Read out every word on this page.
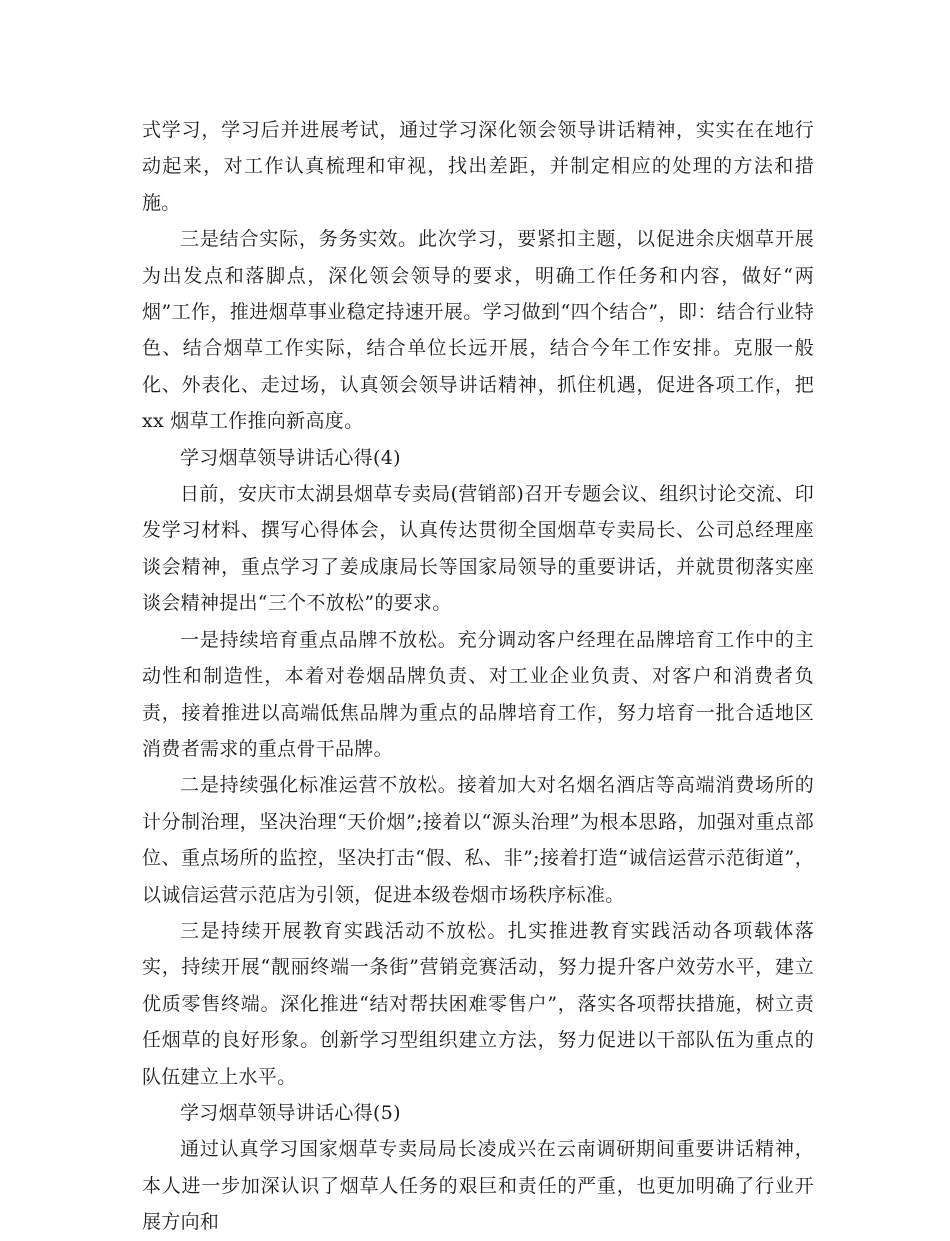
式学习，学习后并进展考试，通过学习深化领会领导讲话精神，实实在在地行动起来，对工作认真梳理和审视，找出差距，并制定相应的处理的方法和措施。

三是结合实际，务务实效。此次学习，要紧扣主题，以促进余庆烟草开展为出发点和落脚点，深化领会领导的要求，明确工作任务和内容，做好“两烟”工作，推进烟草事业稳定持速开展。学习做到“四个结合”，即：结合行业特色、结合烟草工作实际，结合单位长远开展，结合今年工作安排。克服一般化、外表化、走过场，认真领会领导讲话精神，抓住机遇，促进各项工作，把 xx 烟草工作推向新高度。

学习烟草领导讲话心得(4)

日前，安庆市太湖县烟草专卖局(营销部)召开专题会议、组织讨论交流、印发学习材料、撰写心得体会，认真传达贯彻全国烟草专卖局长、公司总经理座谈会精神，重点学习了姜成康局长等国家局领导的重要讲话，并就贯彻落实座谈会精神提出“三个不放松”的要求。

一是持续培育重点品牌不放松。充分调动客户经理在品牌培育工作中的主动性和制造性，本着对卷烟品牌负责、对工业企业负责、对客户和消费者负责，接着推进以高端低焦品牌为重点的品牌培育工作，努力培育一批合适地区消费者需求的重点骨干品牌。

二是持续强化标准运营不放松。接着加大对名烟名酒店等高端消费场所的计分制治理，坚决治理“天价烟”;接着以“源头治理”为根本思路，加强对重点部位、重点场所的监控，坚决打击“假、私、非”;接着打造“诚信运营示范街道”，以诚信运营示范店为引领，促进本级卷烟市场秩序标准。

三是持续开展教育实践活动不放松。扎实推进教育实践活动各项载体落实，持续开展“靓丽终端一条街”营销竞赛活动，努力提升客户效劳水平，建立优质零售终端。深化推进“结对帮扶困难零售户”，落实各项帮扶措施，树立责任烟草的良好形象。创新学习型组织建立方法，努力促进以干部队伍为重点的队伍建立上水平。

学习烟草领导讲话心得(5)

通过认真学习国家烟草专卖局局长凌成兴在云南调研期间重要讲话精神，本人进一步加深认识了烟草人任务的艰巨和责任的严重，也更加明确了行业开展方向和
